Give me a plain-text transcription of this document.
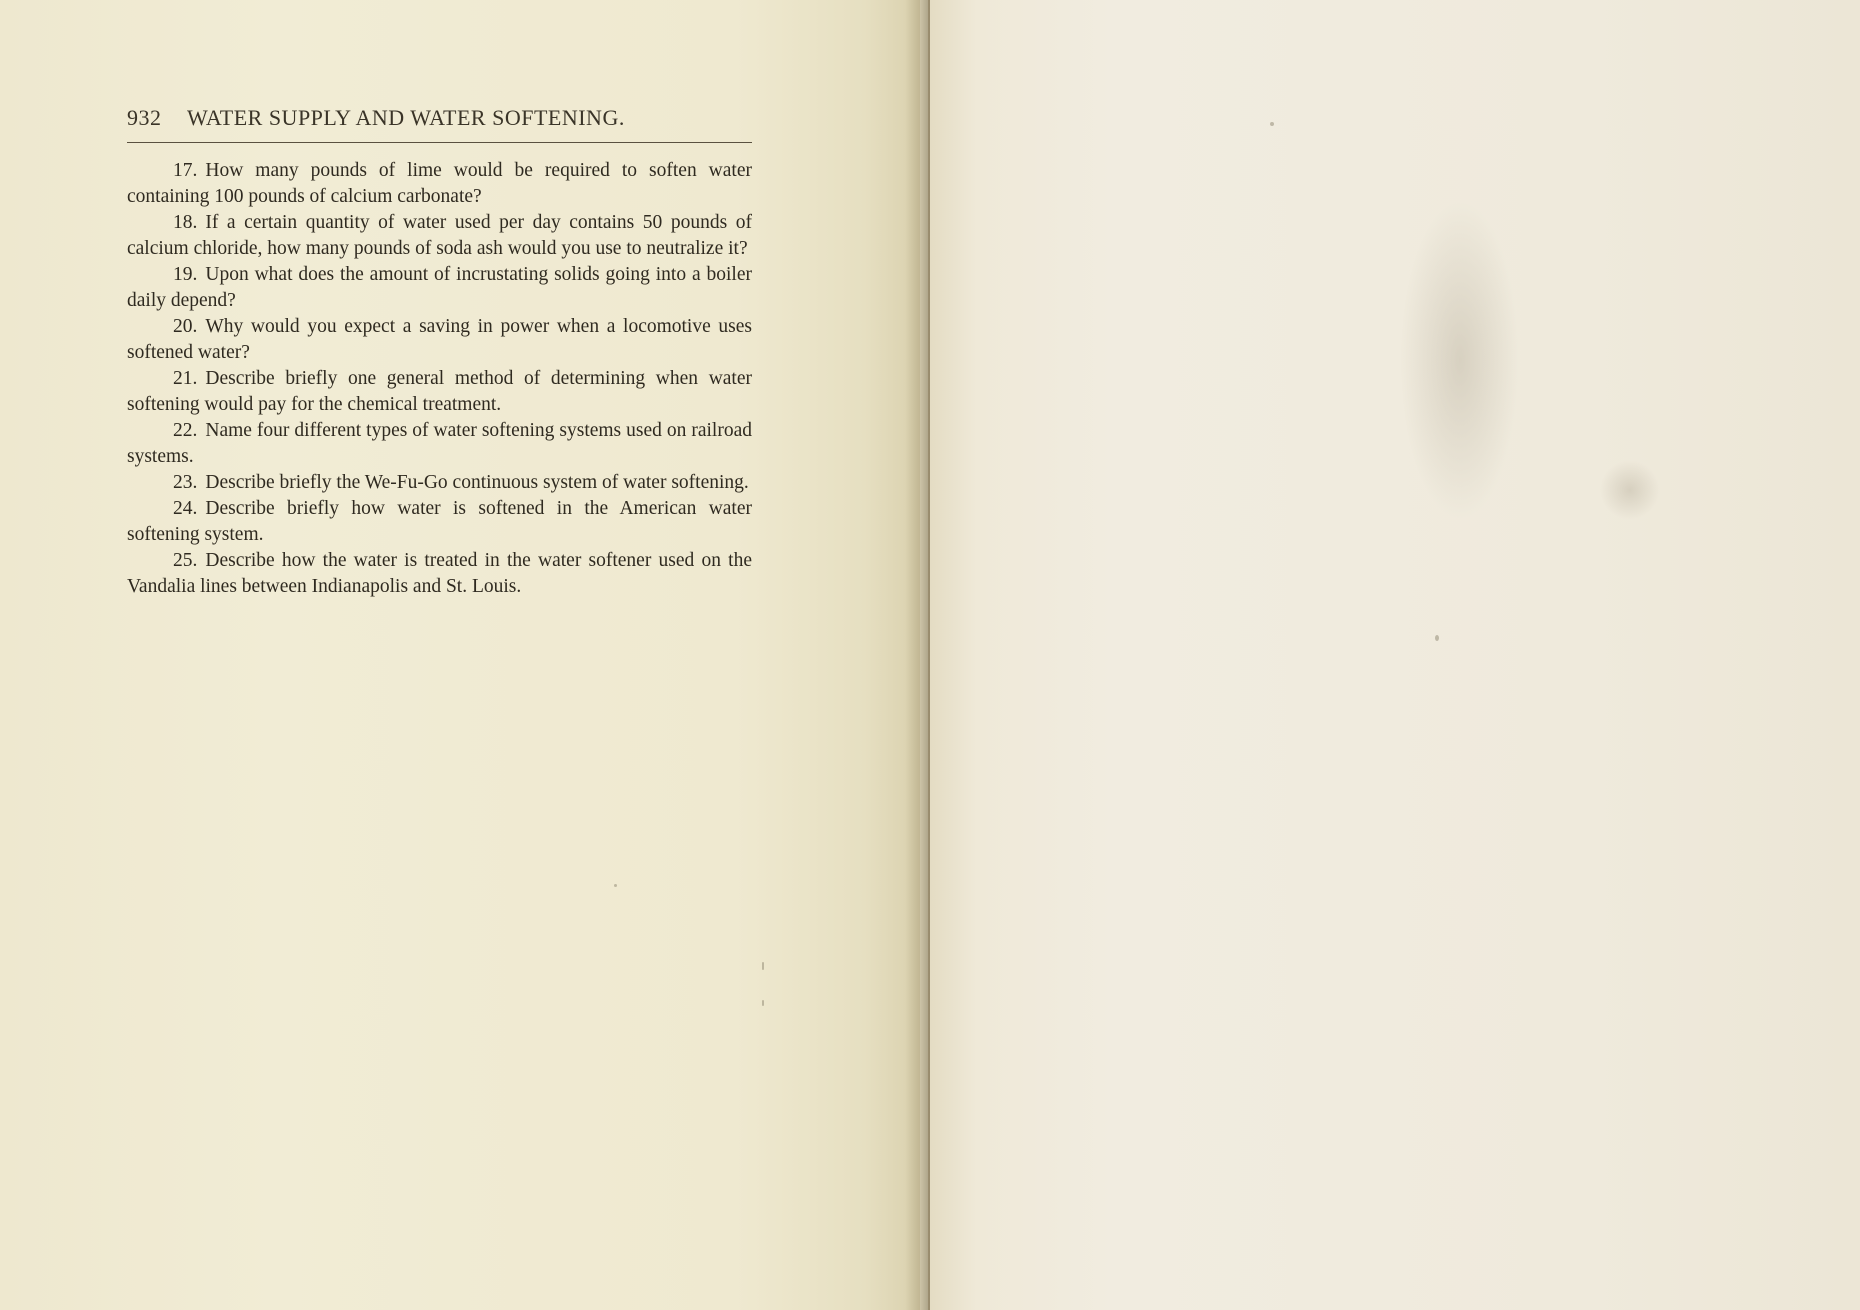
932 WATER SUPPLY AND WATER SOFTENING.

17. How many pounds of lime would be required to soften water containing 100 pounds of calcium carbonate?

18. If a certain quantity of water used per day contains 50 pounds of calcium chloride, how many pounds of soda ash would you use to neutralize it?

19. Upon what does the amount of incrustating solids going into a boiler daily depend?

20. Why would you expect a saving in power when a locomotive uses softened water?

21. Describe briefly one general method of determining when water softening would pay for the chemical treatment.

22. Name four different types of water softening systems used on railroad systems.

23. Describe briefly the We-Fu-Go continuous system of water softening.

24. Describe briefly how water is softened in the American water softening system.

25. Describe how the water is treated in the water softener used on the Vandalia lines between Indianapolis and St. Louis.
